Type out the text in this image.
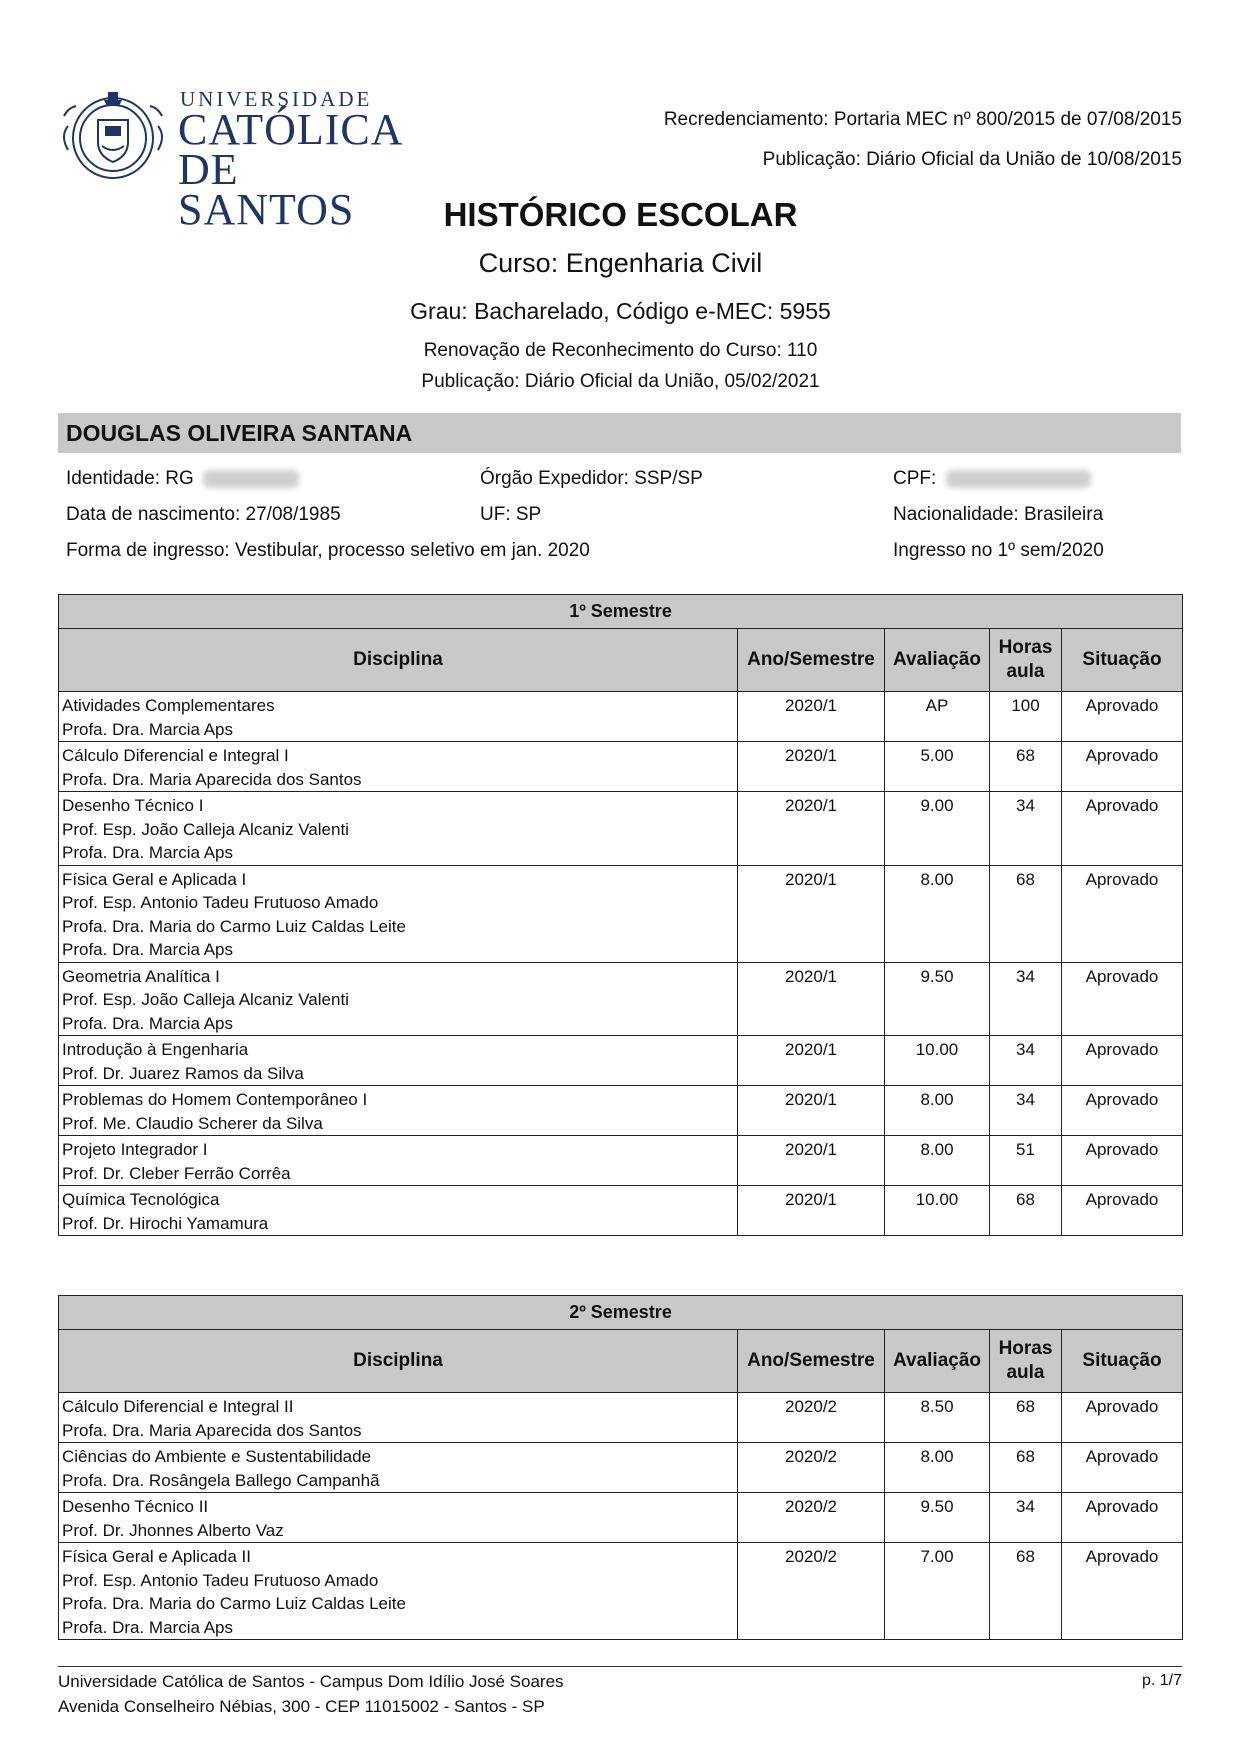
UNIVERSIDADE
CATÓLICA
DE SANTOS
Recredenciamento: Portaria MEC nº 800/2015 de 07/08/2015
Publicação: Diário Oficial da União de 10/08/2015
HISTÓRICO ESCOLAR
Curso: Engenharia Civil
Grau: Bacharelado, Código e-MEC: 5955
Renovação de Reconhecimento do Curso: 110
Publicação: Diário Oficial da União, 05/02/2021
DOUGLAS OLIVEIRA SANTANA
Identidade: RG	Órgão Expedidor: SSP/SP	CPF:
Data de nascimento: 27/08/1985	UF: SP	Nacionalidade: Brasileira
Forma de ingresso: Vestibular, processo seletivo em jan. 2020	Ingresso no 1º sem/2020
1º Semestre				
Disciplina	Ano/Semestre	Avaliação	Horas aula	Situação

Atividades Complementares
Profa. Dra. Marcia Aps	2020/1	AP	100	Aprovado

Cálculo Diferencial e Integral I
Profa. Dra. Maria Aparecida dos Santos	2020/1	5.00	68	Aprovado

Desenho Técnico I
Prof. Esp. João Calleja Alcaniz Valenti
Profa. Dra. Marcia Aps	2020/1	9.00	34	Aprovado

Física Geral e Aplicada I
Prof. Esp. Antonio Tadeu Frutuoso Amado
Profa. Dra. Maria do Carmo Luiz Caldas Leite
Profa. Dra. Marcia Aps	2020/1	8.00	68	Aprovado

Geometria Analítica I
Prof. Esp. João Calleja Alcaniz Valenti
Profa. Dra. Marcia Aps	2020/1	9.50	34	Aprovado

Introdução à Engenharia
Prof. Dr. Juarez Ramos da Silva	2020/1	10.00	34	Aprovado

Problemas do Homem Contemporâneo I
Prof. Me. Claudio Scherer da Silva	2020/1	8.00	34	Aprovado

Projeto Integrador I
Prof. Dr. Cleber Ferrão Corrêa	2020/1	8.00	51	Aprovado

Química Tecnológica
Prof. Dr. Hirochi Yamamura	2020/1	10.00	68	Aprovado
2º Semestre				
Disciplina	Ano/Semestre	Avaliação	Horas aula	Situação

Cálculo Diferencial e Integral II
Profa. Dra. Maria Aparecida dos Santos	2020/2	8.50	68	Aprovado

Ciências do Ambiente e Sustentabilidade
Profa. Dra. Rosângela Ballego Campanhã	2020/2	8.00	68	Aprovado

Desenho Técnico II
Prof. Dr. Jhonnes Alberto Vaz	2020/2	9.50	34	Aprovado

Física Geral e Aplicada II
Prof. Esp. Antonio Tadeu Frutuoso Amado
Profa. Dra. Maria do Carmo Luiz Caldas Leite
Profa. Dra. Marcia Aps	2020/2	7.00	68	Aprovado
Universidade Católica de Santos - Campus Dom Idílio José Soares
Avenida Conselheiro Nébias, 300 - CEP 11015002 - Santos - SP
p. 1/7
